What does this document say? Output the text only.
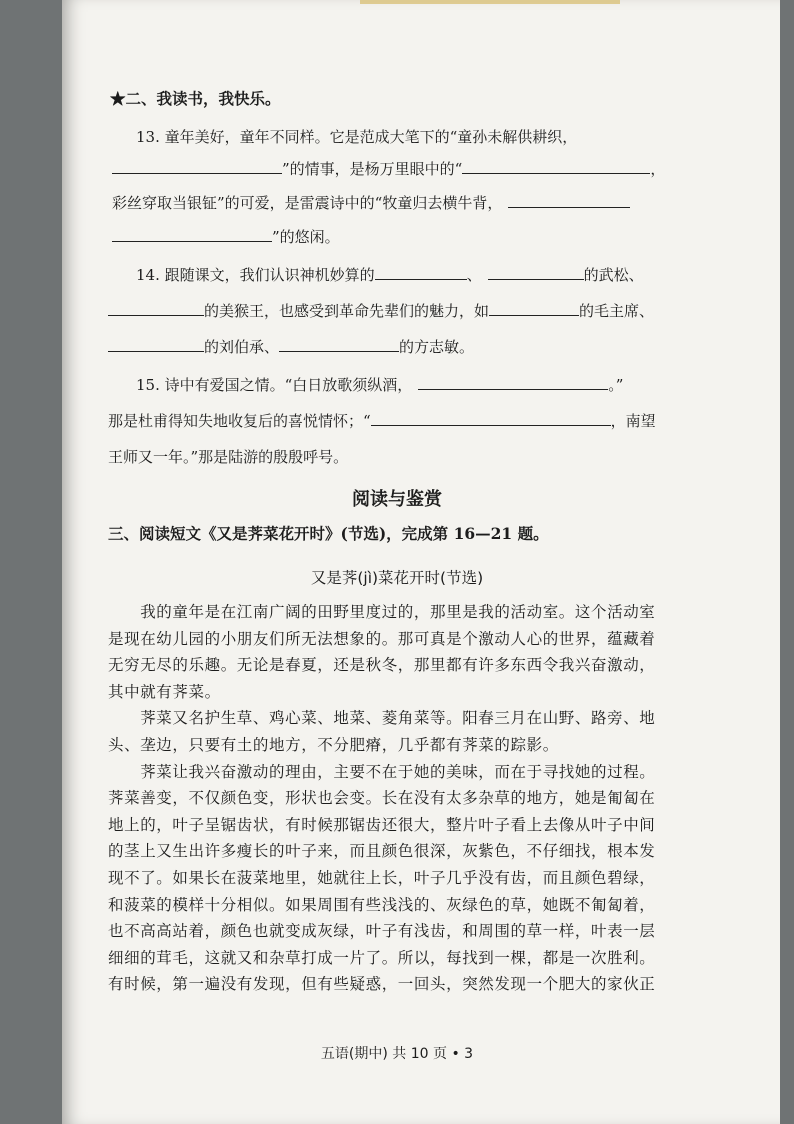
★二、我读书，我快乐。
13. 童年美好，童年不同样。它是范成大笔下的“童孙未解供耕织，
”的情事，是杨万里眼中的“	，
彩丝穿取当银钲”的可爱，是雷震诗中的“牧童归去横牛背，
”的悠闲。
14. 跟随课文，我们认识神机妙算的	、	的武松、
的美猴王，也感受到革命先辈们的魅力，如	的毛主席、
的刘伯承、	的方志敏。
15. 诗中有爱国之情。“白日放歌须纵酒，	。”
那是杜甫得知失地收复后的喜悦情怀；“	，南望
王师又一年。”那是陆游的殷殷呼号。
阅读与鉴赏
三、阅读短文《又是荠菜花开时》(节选)，完成第 16—21 题。
又是荠(jì)菜花开时(节选)
　　我的童年是在江南广阔的田野里度过的，那里是我的活动室。这个活动室
是现在幼儿园的小朋友们所无法想象的。那可真是个激动人心的世界，蕴藏着
无穷无尽的乐趣。无论是春夏，还是秋冬，那里都有许多东西令我兴奋激动，
其中就有荠菜。
　　荠菜又名护生草、鸡心菜、地菜、菱角菜等。阳春三月在山野、路旁、地
头、垄边，只要有土的地方，不分肥瘠，几乎都有荠菜的踪影。
　　荠菜让我兴奋激动的理由，主要不在于她的美味，而在于寻找她的过程。
荠菜善变，不仅颜色变，形状也会变。长在没有太多杂草的地方，她是匍匐在
地上的，叶子呈锯齿状，有时候那锯齿还很大，整片叶子看上去像从叶子中间
的茎上又生出许多瘦长的叶子来，而且颜色很深，灰紫色，不仔细找，根本发
现不了。如果长在菠菜地里，她就往上长，叶子几乎没有齿，而且颜色碧绿，
和菠菜的模样十分相似。如果周围有些浅浅的、灰绿色的草，她既不匍匐着，
也不高高站着，颜色也就变成灰绿，叶子有浅齿，和周围的草一样，叶表一层
细细的茸毛，这就又和杂草打成一片了。所以，每找到一棵，都是一次胜利。
有时候，第一遍没有发现，但有些疑惑，一回头，突然发现一个肥大的家伙正
五语(期中) 共 10 页 • 3
